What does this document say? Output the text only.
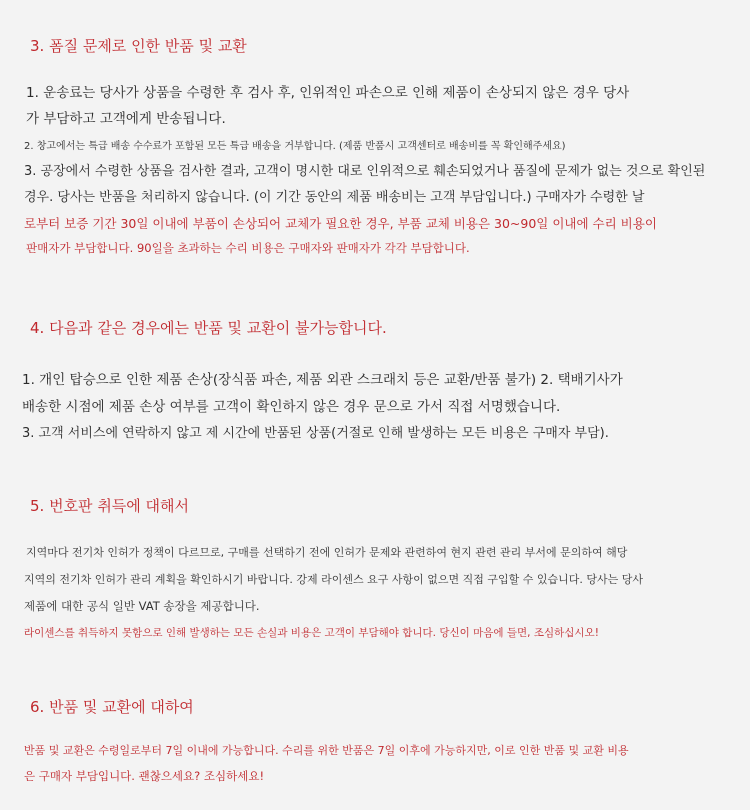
3. 폼질 문제로 인한 반품 및 교환
1. 운송료는 당사가 상품을 수령한 후 검사 후, 인위적인 파손으로 인해 제품이 손상되지 않은 경우 당사
가 부담하고 고객에게 반송됩니다.
2. 창고에서는 특급 배송 수수료가 포함된 모든 특급 배송을 거부합니다. (제품 반품시 고객센터로 배송비를 꼭 확인해주세요)
3. 공장에서 수령한 상품을 검사한 결과, 고객이 명시한 대로 인위적으로 훼손되었거나 품질에 문제가 없는 것으로 확인된
경우. 당사는 반품을 처리하지 않습니다. (이 기간 동안의 제품 배송비는 고객 부담입니다.) 구매자가 수령한 날
로부터 보증 기간 30일 이내에 부품이 손상되어 교체가 필요한 경우, 부품 교체 비용은 30~90일 이내에 수리 비용이
판매자가 부담합니다. 90일을 초과하는 수리 비용은 구매자와 판매자가 각각 부담합니다.
4. 다음과 같은 경우에는 반품 및 교환이 불가능합니다.
1. 개인 탑승으로 인한 제품 손상(장식품 파손, 제품 외관 스크래치 등은 교환/반품 불가) 2. 택배기사가
배송한 시점에 제품 손상 여부를 고객이 확인하지 않은 경우 문으로 가서 직접 서명했습니다.
3. 고객 서비스에 연락하지 않고 제 시간에 반품된 상품(거절로 인해 발생하는 모든 비용은 구매자 부담).
5. 번호판 취득에 대해서
지역마다 전기차 인허가 정책이 다르므로, 구매를 선택하기 전에 인허가 문제와 관련하여 현지 관련 관리 부서에 문의하여 해당
지역의 전기차 인허가 관리 계획을 확인하시기 바랍니다. 강제 라이센스 요구 사항이 없으면 직접 구입할 수 있습니다. 당사는 당사
제품에 대한 공식 일반 VAT 송장을 제공합니다.
라이센스를 취득하지 못함으로 인해 발생하는 모든 손실과 비용은 고객이 부담해야 합니다. 당신이 마음에 들면, 조심하십시오!
6. 반품 및 교환에 대하여
반품 및 교환은 수령일로부터 7일 이내에 가능합니다. 수리를 위한 반품은 7일 이후에 가능하지만, 이로 인한 반품 및 교환 비용
은 구매자 부담입니다. 괜찮으세요? 조심하세요!
